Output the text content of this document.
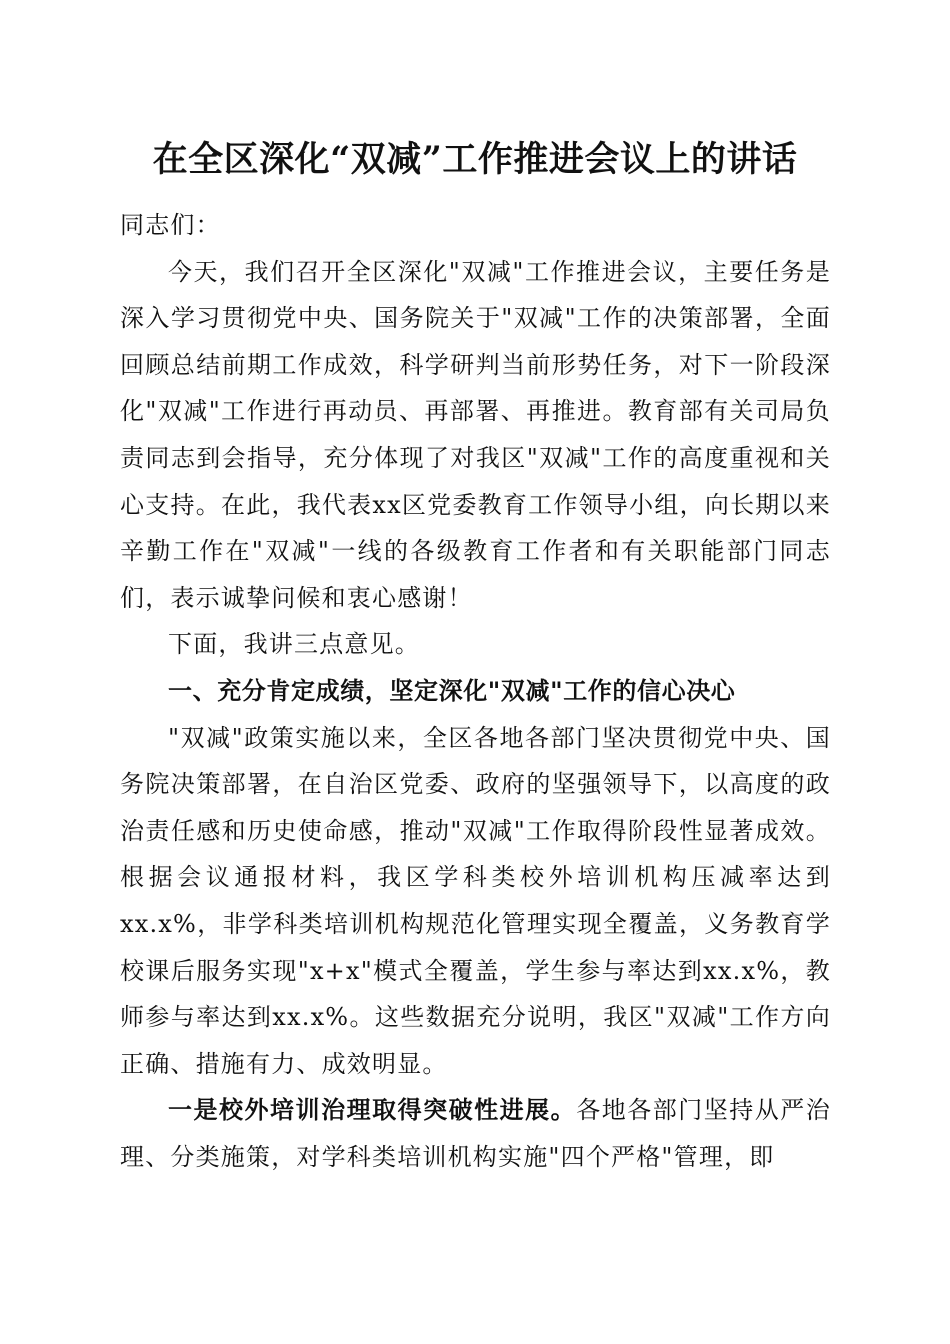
在全区深化“双减”工作推进会议上的讲话

同志们：

今天，我们召开全区深化"双减"工作推进会议，主要任务是深入学习贯彻党中央、国务院关于"双减"工作的决策部署，全面回顾总结前期工作成效，科学研判当前形势任务，对下一阶段深化"双减"工作进行再动员、再部署、再推进。教育部有关司局负责同志到会指导，充分体现了对我区"双减"工作的高度重视和关心支持。在此，我代表xx区党委教育工作领导小组，向长期以来辛勤工作在"双减"一线的各级教育工作者和有关职能部门同志们，表示诚挚问候和衷心感谢！

下面，我讲三点意见。

一、充分肯定成绩，坚定深化"双减"工作的信心决心

"双减"政策实施以来，全区各地各部门坚决贯彻党中央、国务院决策部署，在自治区党委、政府的坚强领导下，以高度的政治责任感和历史使命感，推动"双减"工作取得阶段性显著成效。根据会议通报材料，我区学科类校外培训机构压减率达到xx.x%，非学科类培训机构规范化管理实现全覆盖，义务教育学校课后服务实现"x+x"模式全覆盖，学生参与率达到xx.x%，教师参与率达到xx.x%。这些数据充分说明，我区"双减"工作方向正确、措施有力、成效明显。

一是校外培训治理取得突破性进展。各地各部门坚持从严治理、分类施策，对学科类培训机构实施"四个严格"管理，即
